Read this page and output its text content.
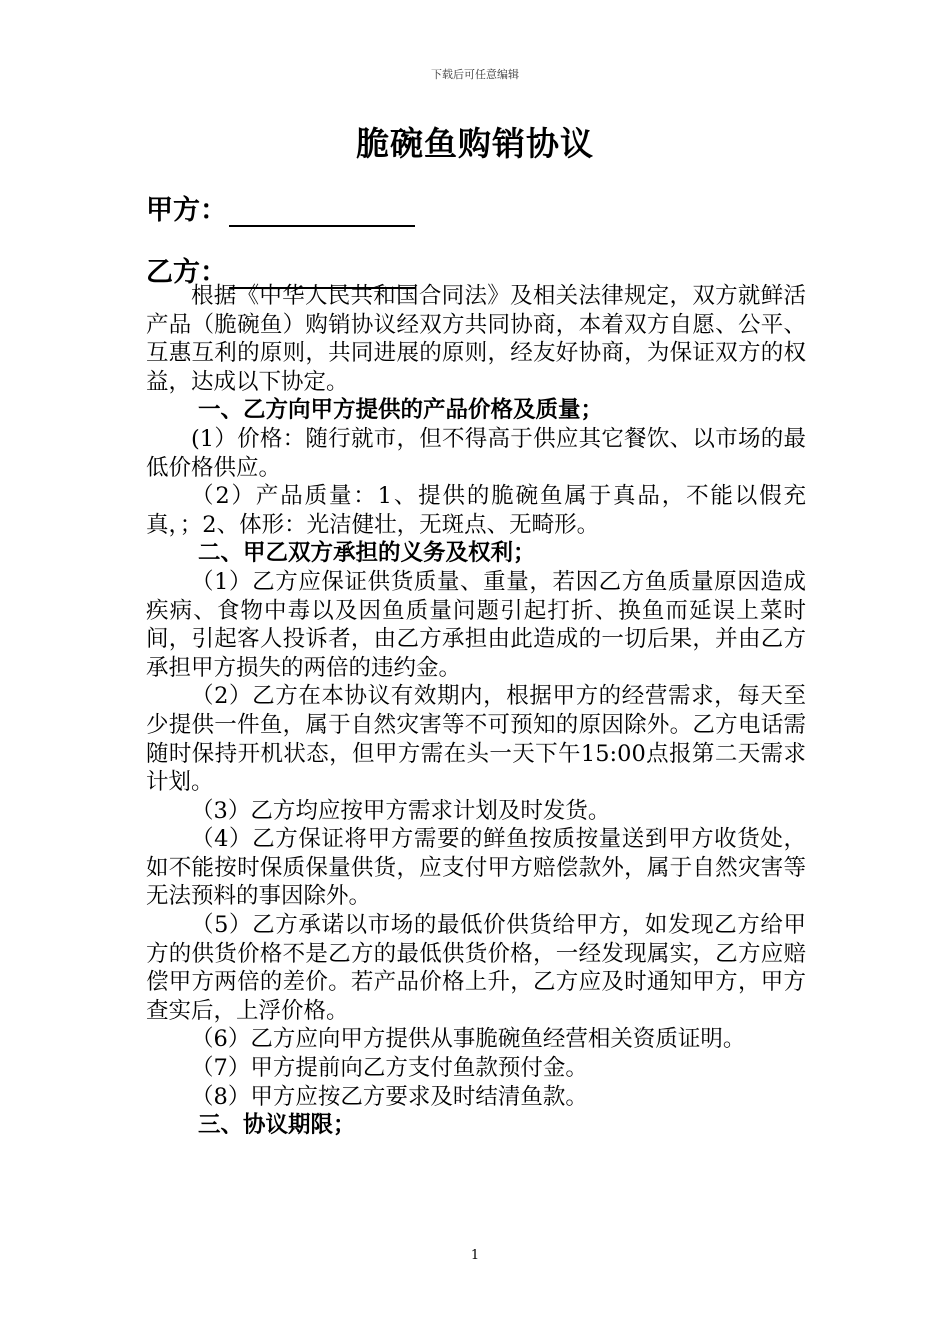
下载后可任意编辑
脆碗鱼购销协议
甲方：
乙方：

根据《中华人民共和国合同法》及相关法律规定，双方就鲜活产品（脆碗鱼）购销协议经双方共同协商，本着双方自愿、公平、互惠互利的原则，共同进展的原则，经友好协商，为保证双方的权益，达成以下协定。

一、乙方向甲方提供的产品价格及质量；

(1）价格：随行就市，但不得高于供应其它餐饮、以市场的最低价格供应。

（2）产品质量：1、提供的脆碗鱼属于真品，不能以假充真，；2、体形：光洁健壮，无斑点、无畸形。

二、甲乙双方承担的义务及权利；

（1）乙方应保证供货质量、重量，若因乙方鱼质量原因造成疾病、食物中毒以及因鱼质量问题引起打折、换鱼而延误上菜时间，引起客人投诉者，由乙方承担由此造成的一切后果，并由乙方承担甲方损失的两倍的违约金。

（2）乙方在本协议有效期内，根据甲方的经营需求，每天至少提供一件鱼，属于自然灾害等不可预知的原因除外。乙方电话需随时保持开机状态，但甲方需在头一天下午15:00点报第二天需求计划。

（3）乙方均应按甲方需求计划及时发货。

（4）乙方保证将甲方需要的鲜鱼按质按量送到甲方收货处，如不能按时保质保量供货，应支付甲方赔偿款外，属于自然灾害等无法预料的事因除外。

（5）乙方承诺以市场的最低价供货给甲方，如发现乙方给甲方的供货价格不是乙方的最低供货价格，一经发现属实，乙方应赔偿甲方两倍的差价。若产品价格上升，乙方应及时通知甲方，甲方查实后，上浮价格。

（6）乙方应向甲方提供从事脆碗鱼经营相关资质证明。

（7）甲方提前向乙方支付鱼款预付金。

（8）甲方应按乙方要求及时结清鱼款。

三、协议期限；
1
